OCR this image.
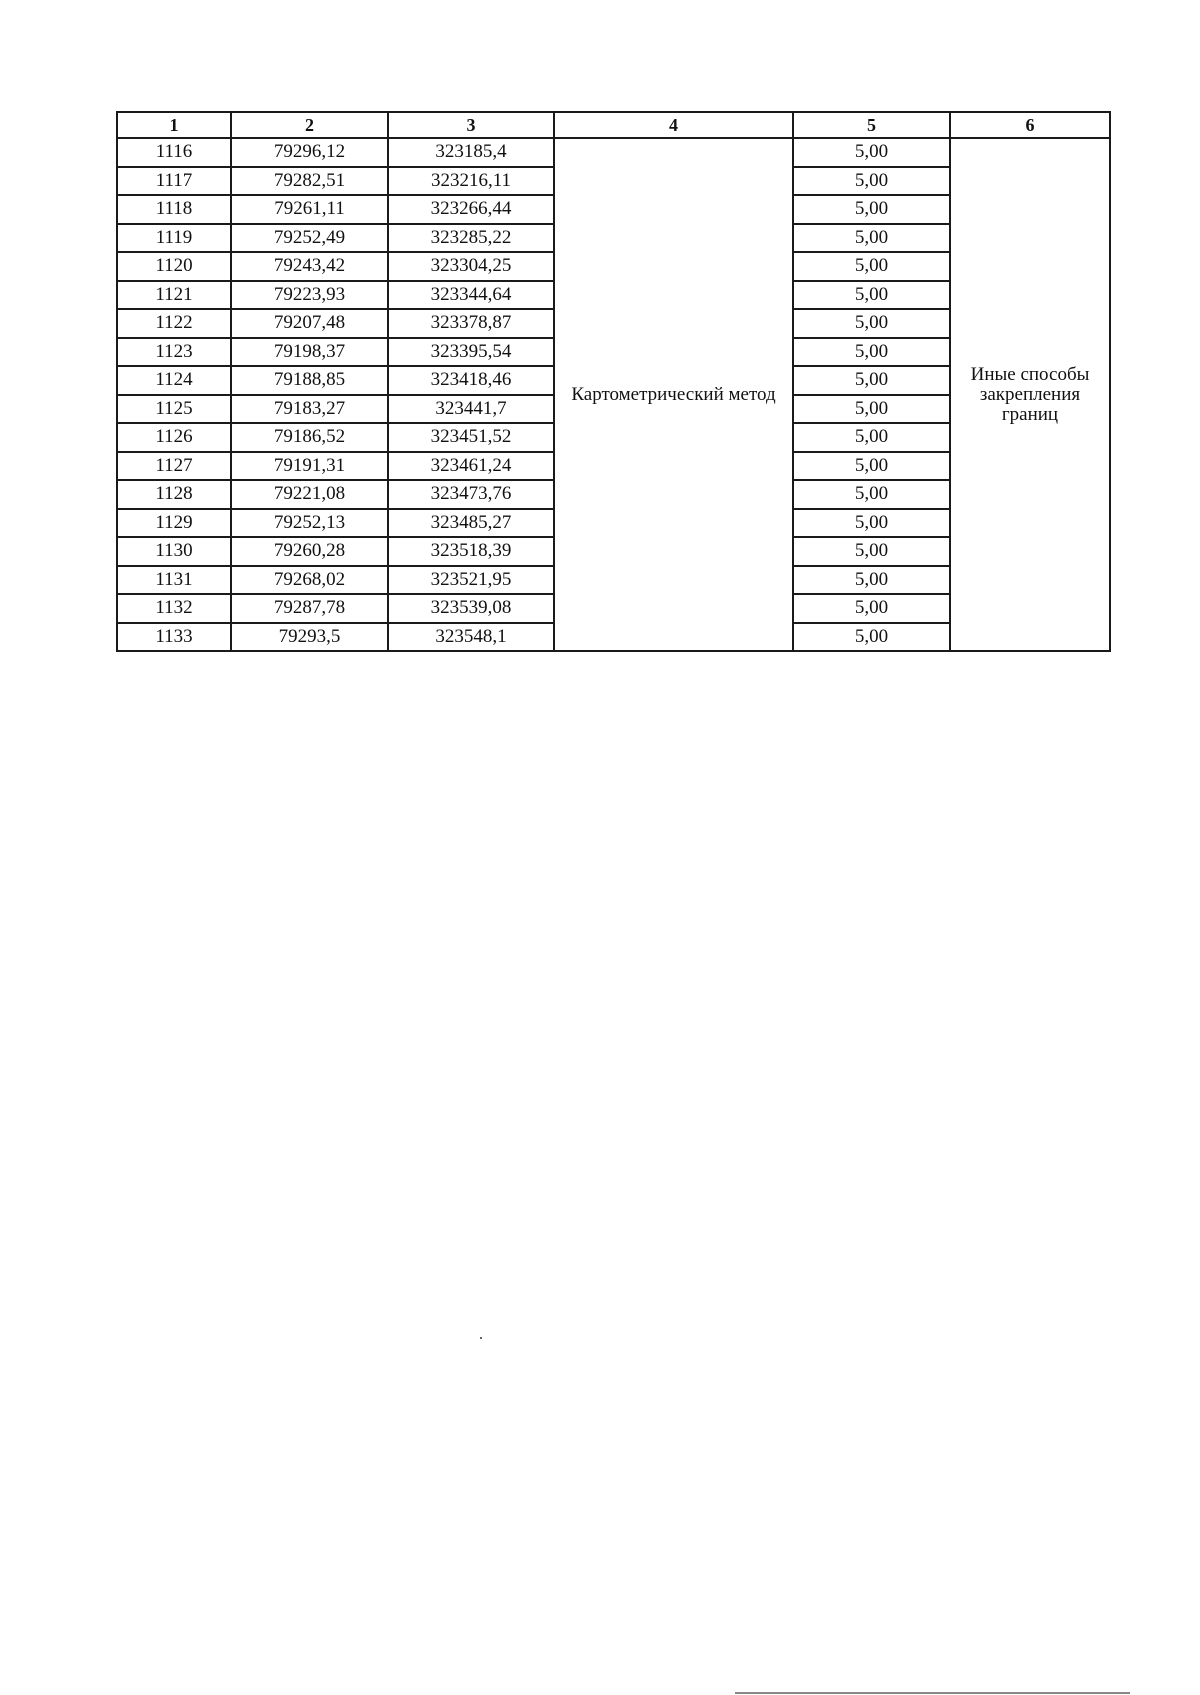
1	2	3	4	5	6
1116	79296,12	323185,4	Картометрический метод	5,00	Иные способы
закрепления
границ

1117	79282,51	323216,11		5,00	
1118	79261,11	323266,44		5,00	
1119	79252,49	323285,22		5,00	
1120	79243,42	323304,25		5,00	
1121	79223,93	323344,64		5,00	
1122	79207,48	323378,87		5,00	
1123	79198,37	323395,54		5,00	
1124	79188,85	323418,46		5,00	
1125	79183,27	323441,7		5,00	
1126	79186,52	323451,52		5,00	
1127	79191,31	323461,24		5,00	
1128	79221,08	323473,76		5,00	
1129	79252,13	323485,27		5,00	
1130	79260,28	323518,39		5,00	
1131	79268,02	323521,95		5,00	
1132	79287,78	323539,08		5,00	
1133	79293,5	323548,1		5,00	
